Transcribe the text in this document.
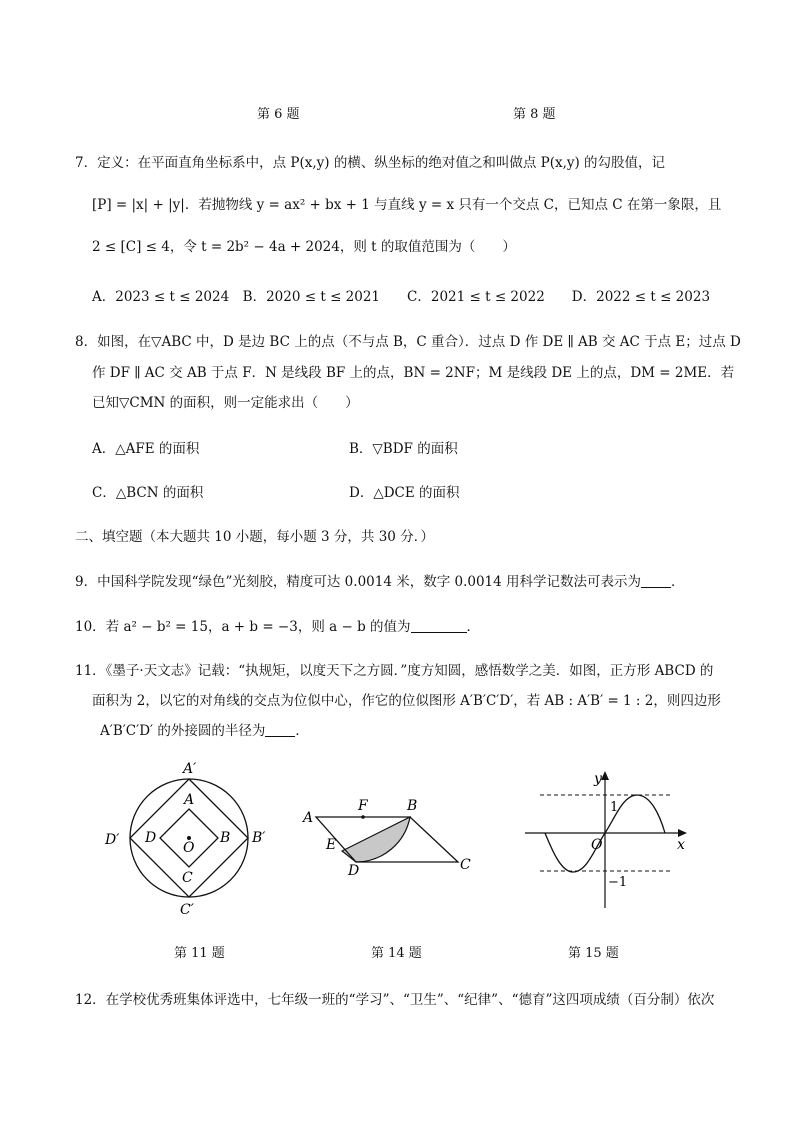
第 6 题	第 8 题
7．定义：在平面直角坐标系中，点 P(x,y) 的横、纵坐标的绝对值之和叫做点 P(x,y) 的勾股值，记
[P] = |x| + |y|．若抛物线 y = ax² + bx + 1 与直线 y = x 只有一个交点 C，已知点 C 在第一象限，且
2 ≤ [C] ≤ 4，令 t = 2b² − 4a + 2024，则 t 的取值范围为（　　）
A．2023 ≤ t ≤ 2024　B．2020 ≤ t ≤ 2021　　C．2021 ≤ t ≤ 2022　　D．2022 ≤ t ≤ 2023
8．如图，在▽ABC 中，D 是边 BC 上的点（不与点 B，C 重合）．过点 D 作 DE ∥ AB 交 AC 于点 E；过点 D
作 DF ∥ AC 交 AB 于点 F．N 是线段 BF 上的点，BN = 2NF；M 是线段 DE 上的点，DM = 2ME．若
已知▽CMN 的面积，则一定能求出（　　）
A．△AFE 的面积	B．▽BDF 的面积
C．△BCN 的面积	D．△DCE 的面积
二、填空题（本大题共 10 小题，每小题 3 分，共 30 分．）
9．中国科学院发现“绿色”光刻胶，精度可达 0.0014 米，数字 0.0014 用科学记数法可表示为 ．
10．若 a² − b² = 15，a + b = −3，则 a − b 的值为	．
11．《墨子·天文志》记载：“执规矩，以度天下之方圆．”度方知圆，感悟数学之美．如图，正方形 ABCD 的
面积为 2，以它的对角线的交点为位似中心，作它的位似图形 A′B′C′D′，若 AB : A′B′ = 1 : 2，则四边形
A′B′C′D′ 的外接圆的半径为 ．
A′
A
D′ D
O
B B′
C
C′
第 11 题
A
F	B
E
D	C
第 14 题
y
1
O	x
−1
第 15 题
12．在学校优秀班集体评选中，七年级一班的“学习”、“卫生”、“纪律”、“德育”这四项成绩（百分制）依次
